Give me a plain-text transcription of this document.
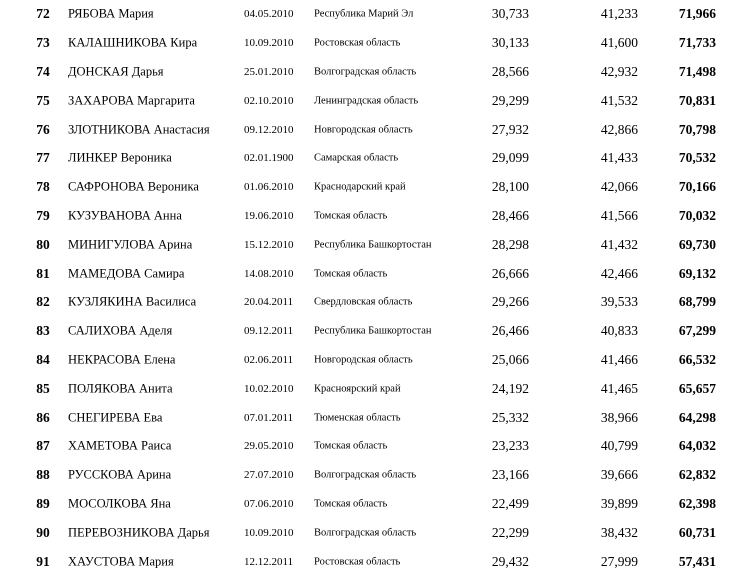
72	РЯБОВА Мария	04.05.2010 Республика Марий Эл	30,733	41,233	71,966
73	КАЛАШНИКОВА Кира	10.09.2010 Ростовская область	30,133	41,600	71,733
74	ДОНСКАЯ Дарья	25.01.2010 Волгоградская область	28,566	42,932	71,498
75	ЗАХАРОВА Маргарита	02.10.2010 Ленинградская область	29,299	41,532	70,831
76	ЗЛОТНИКОВА Анастасия	09.12.2010 Новгородская область	27,932	42,866	70,798
77	ЛИНКЕР Вероника	02.01.1900 Самарская область	29,099	41,433	70,532
78	САФРОНОВА Вероника	01.06.2010 Краснодарский край	28,100	42,066	70,166
79	КУЗУВАНОВА Анна	19.06.2010 Томская область	28,466	41,566	70,032
80	МИНИГУЛОВА Арина	15.12.2010 Республика Башкортостан	28,298	41,432	69,730
81	МАМЕДОВА Самира	14.08.2010 Томская область	26,666	42,466	69,132
82	КУЗЛЯКИНА Василиса	20.04.2011 Свердловская область	29,266	39,533	68,799
83	САЛИХОВА Аделя	09.12.2011 Республика Башкортостан	26,466	40,833	67,299
84	НЕКРАСОВА Елена	02.06.2011 Новгородская область	25,066	41,466	66,532
85	ПОЛЯКОВА Анита	10.02.2010 Красноярский край	24,192	41,465	65,657
86	СНЕГИРЕВА Ева	07.01.2011 Тюменская область	25,332	38,966	64,298
87	ХАМЕТОВА Раиса	29.05.2010 Томская область	23,233	40,799	64,032
88	РУССКОВА Арина	27.07.2010 Волгоградская область	23,166	39,666	62,832
89	МОСОЛКОВА Яна	07.06.2010 Томская область	22,499	39,899	62,398
90	ПЕРЕВОЗНИКОВА Дарья	10.09.2010 Волгоградская область	22,299	38,432	60,731
91	ХАУСТОВА Мария	12.12.2011 Ростовская область	29,432	27,999	57,431
